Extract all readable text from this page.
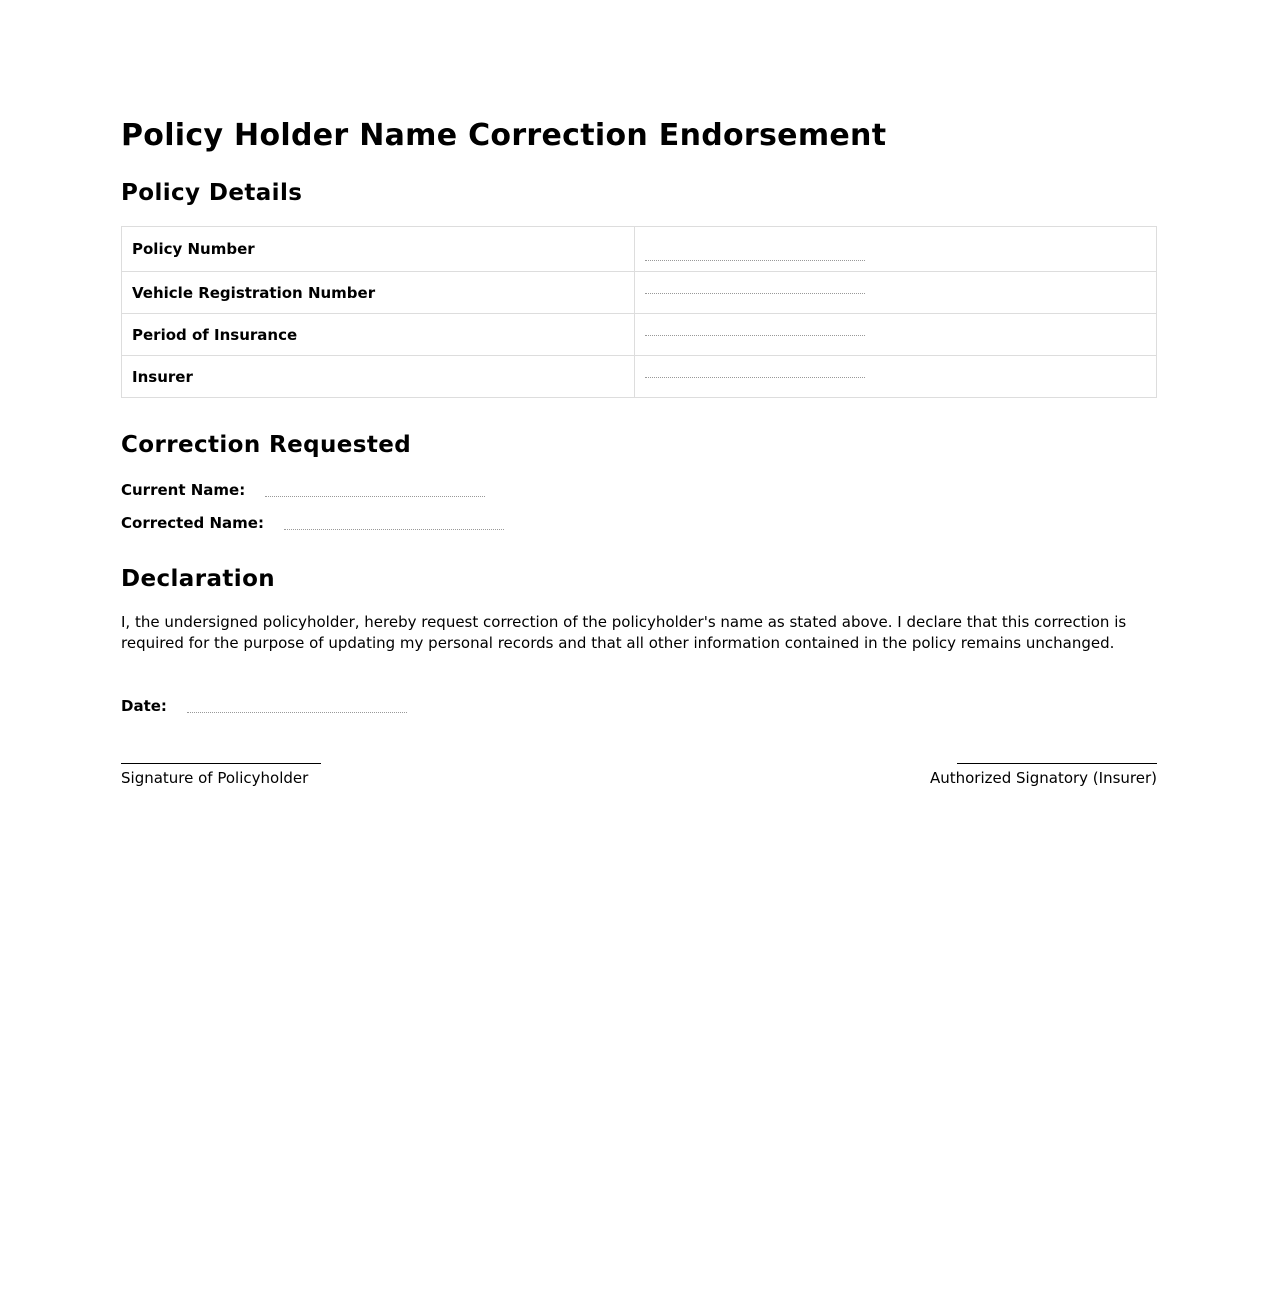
Policy Holder Name Correction Endorsement
Policy Details
Policy Number	

Vehicle Registration Number	

Period of Insurance	

Insurer	
Correction Requested
Current Name:
Corrected Name:
Declaration

I, the undersigned policyholder, hereby request correction of the policyholder's name as stated above. I declare that this correction is required for the purpose of updating my personal records and that all other information contained in the policy remains unchanged.

Date:
Signature of Policyholder	Authorized Signatory (Insurer)
